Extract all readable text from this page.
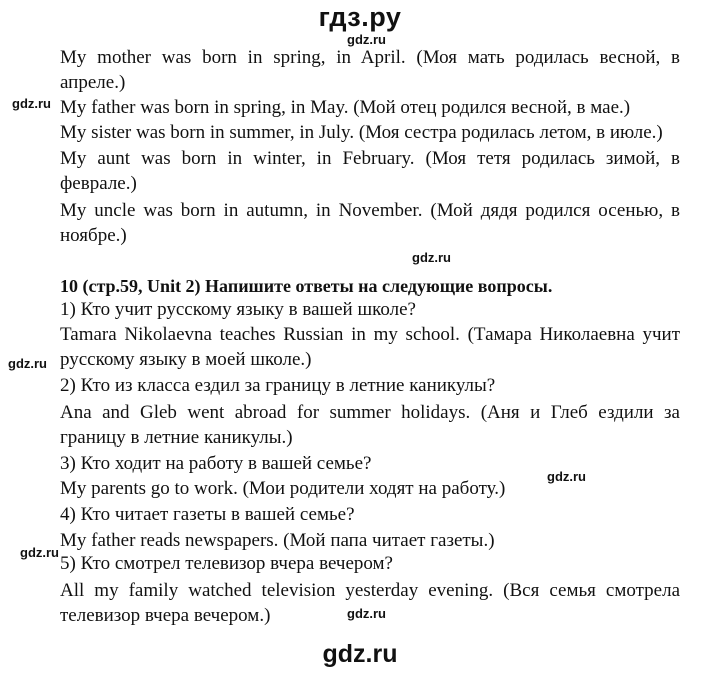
гдз.ру
gdz.ru
gdz.ru
gdz.ru
gdz.ru
gdz.ru
gdz.ru
gdz.ru
My mother was born in spring, in April. (Моя мать родилась весной, в
апреле.)
My father was born in spring, in May. (Мой отец родился весной, в мае.)
My sister was born in summer, in July. (Моя сестра родилась летом, в июле.)
My aunt was born in winter, in February. (Моя тетя родилась зимой, в
феврале.)
My uncle was born in autumn, in November. (Мой дядя родился осенью, в
ноябре.)
10 (стр.59, Unit 2) Напишите ответы на следующие вопросы.
1) Кто учит русскому языку в вашей школе?
Tamara Nikolaevna teaches Russian in my school. (Тамара Николаевна учит
русскому языку в моей школе.)
2) Кто из класса ездил за границу в летние каникулы?
Ana and Gleb went abroad for summer holidays. (Аня и Глеб ездили за
границу в летние каникулы.)
3) Кто ходит на работу в вашей семье?
My parents go to work. (Мои родители ходят на работу.)
4) Кто читает газеты в вашей семье?
My father reads newspapers. (Мой папа читает газеты.)
5) Кто смотрел телевизор вчера вечером?
All my family watched television yesterday evening. (Вся семья смотрела
телевизор вчера вечером.)
gdz.ru
